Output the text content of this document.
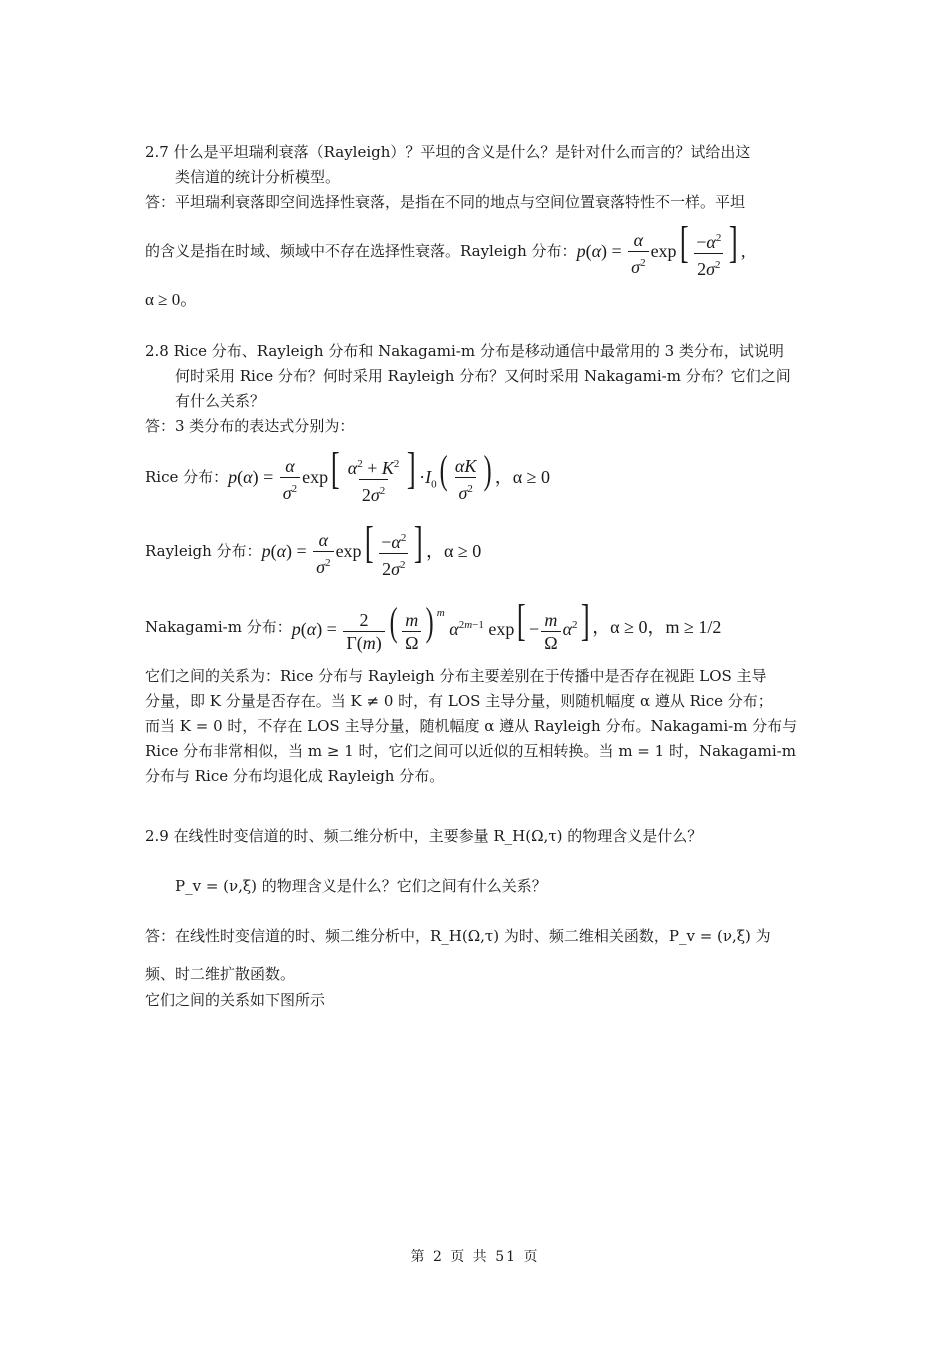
2.7 什么是平坦瑞利衰落（Rayleigh）？平坦的含义是什么？是针对什么而言的？试给出这
类信道的统计分析模型。
答：平坦瑞利衰落即空间选择性衰落，是指在不同的地点与空间位置衰落特性不一样。平坦
的含义是指在时域、频域中不存在选择性衰落。Rayleigh 分布： $p(\alpha) = \frac{\alpha}{\sigma^2} \exp[ \frac{-\alpha^2}{2\sigma^2}$ ] ,
α ≥ 0。
2.8 Rice 分布、Rayleigh 分布和 Nakagami-m 分布是移动通信中最常用的 3 类分布，试说明
何时采用 Rice 分布？何时采用 Rayleigh 分布？又何时采用 Nakagami-m 分布？它们之间
有什么关系？
答：3 类分布的表达式分别为：
Rice 分布： $p(\alpha) = \frac{\alpha}{\sigma^2} \exp[ \frac{\alpha^2 + K^2}{2\sigma^2}$ ] $\cdot I_0( \frac{\alpha K}{\sigma^2}$ ) ，α ≥ 0
Rayleigh 分布： $p(\alpha) = \frac{\alpha}{\sigma^2} \exp[ \frac{-\alpha^2}{2\sigma^2}$ ] ，α ≥ 0
Nakagami-m 分布： $p(\alpha) = \frac{2}{\Gamma(m)}$ ( $\frac{m}{\Omega}$ ) $^m$ $\alpha^{2m-1}$ $\exp[ - \frac{m}{\Omega} \alpha^2]$ ，α ≥ 0，m ≥ 1/2
它们之间的关系为：Rice 分布与 Rayleigh 分布主要差别在于传播中是否存在视距 LOS 主导
分量，即 K 分量是否存在。当 K ≠ 0 时，有 LOS 主导分量，则随机幅度 α 遵从 Rice 分布；
而当 K = 0 时，不存在 LOS 主导分量，随机幅度 α 遵从 Rayleigh 分布。Nakagami-m 分布与
Rice 分布非常相似，当 m ≥ 1 时，它们之间可以近似的互相转换。当 m = 1 时，Nakagami-m
分布与 Rice 分布均退化成 Rayleigh 分布。
2.9 在线性时变信道的时、频二维分析中，主要参量 R_H(Ω,τ) 的物理含义是什么？
P_v = (ν,ξ) 的物理含义是什么？它们之间有什么关系？
答：在线性时变信道的时、频二维分析中，R_H(Ω,τ) 为时、频二维相关函数，P_v = (ν,ξ) 为
频、时二维扩散函数。
它们之间的关系如下图所示
第 2 页 共 51 页
